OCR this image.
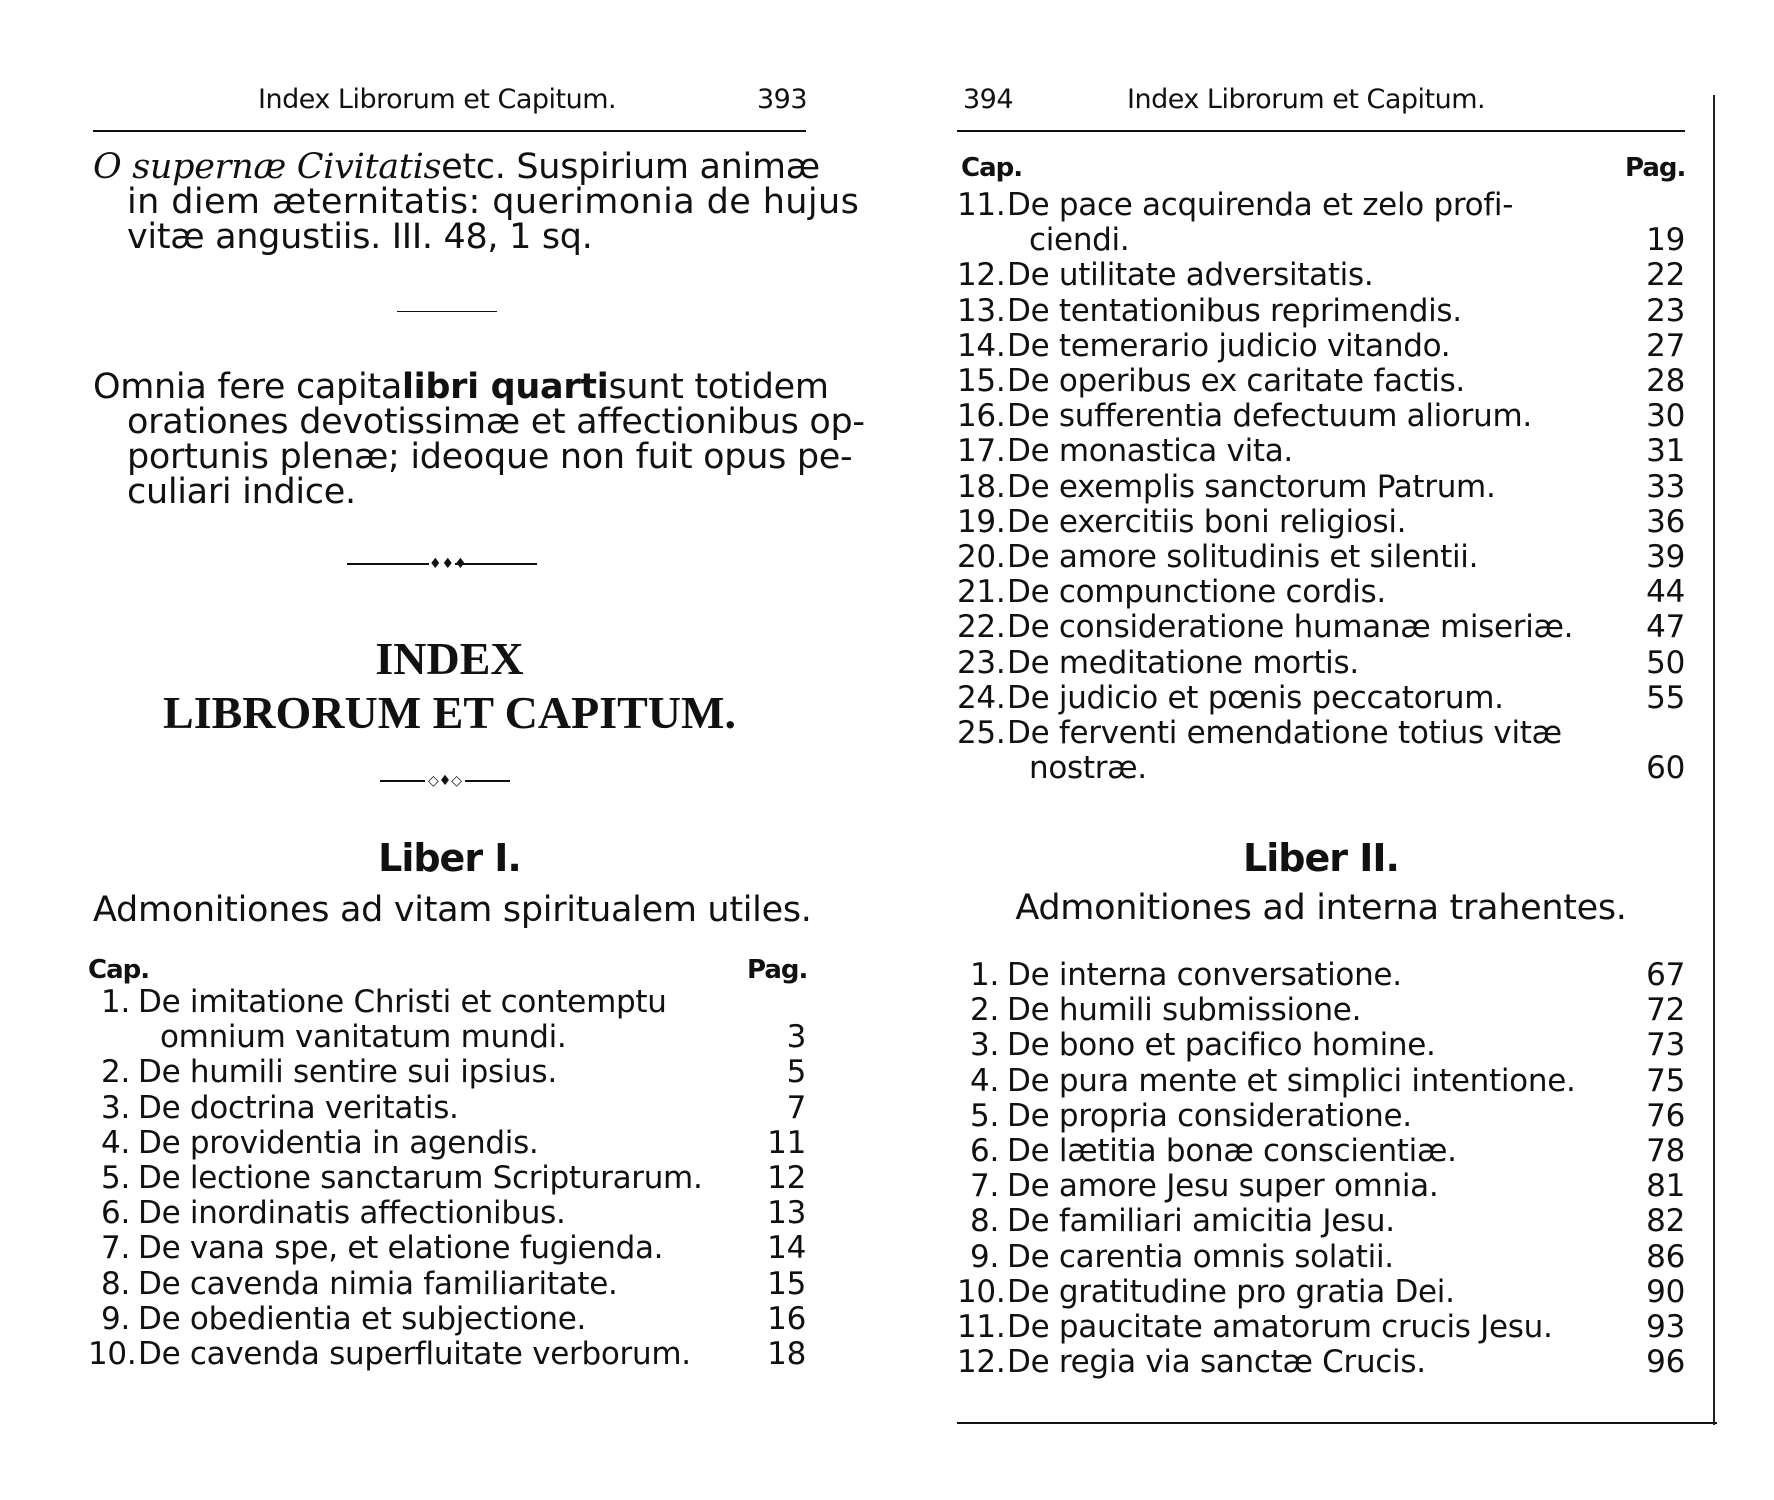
Index Librorum et Capitum.	393
O supernæ Civitatis etc. Suspirium animæ
in diem æternitatis: querimonia de hujus
vitæ angustiis. III. 48, 1 sq.
Omnia fere capita libri quarti sunt totidem
orationes devotissimæ et affectionibus op-
portunis plenæ; ideoque non fuit opus pe-
culiari indice.
♦♦♦
INDEX
LIBRORUM ET CAPITUM.
◇♦◇
Liber I.
Admonitiones ad vitam spiritualem utiles.
Cap.	Pag.
1. De imitatione Christi et contemptu
omnium vanitatum mundi.	3
2. De humili sentire sui ipsius.	5
3. De doctrina veritatis.	7
4. De providentia in agendis.	11
5. De lectione sanctarum Scripturarum.	12
6. De inordinatis affectionibus.	13
7. De vana spe, et elatione fugienda.	14
8. De cavenda nimia familiaritate.	15
9. De obedientia et subjectione.	16
10. De cavenda superfluitate verborum.	18
394	Index Librorum et Capitum.
Cap.	Pag.
11. De pace acquirenda et zelo profi-
ciendi.	19
12. De utilitate adversitatis.	22
13. De tentationibus reprimendis.	23
14. De temerario judicio vitando.	27
15. De operibus ex caritate factis.	28
16. De sufferentia defectuum aliorum.	30
17. De monastica vita.	31
18. De exemplis sanctorum Patrum.	33
19. De exercitiis boni religiosi.	36
20. De amore solitudinis et silentii.	39
21. De compunctione cordis.	44
22. De consideratione humanæ miseriæ.	47
23. De meditatione mortis.	50
24. De judicio et pœnis peccatorum.	55
25. De ferventi emendatione totius vitæ
nostræ.	60
Liber II.
Admonitiones ad interna trahentes.
1. De interna conversatione.	67
2. De humili submissione.	72
3. De bono et pacifico homine.	73
4. De pura mente et simplici intentione.	75
5. De propria consideratione.	76
6. De lætitia bonæ conscientiæ.	78
7. De amore Jesu super omnia.	81
8. De familiari amicitia Jesu.	82
9. De carentia omnis solatii.	86
10. De gratitudine pro gratia Dei.	90
11. De paucitate amatorum crucis Jesu.	93
12. De regia via sanctæ Crucis.	96
